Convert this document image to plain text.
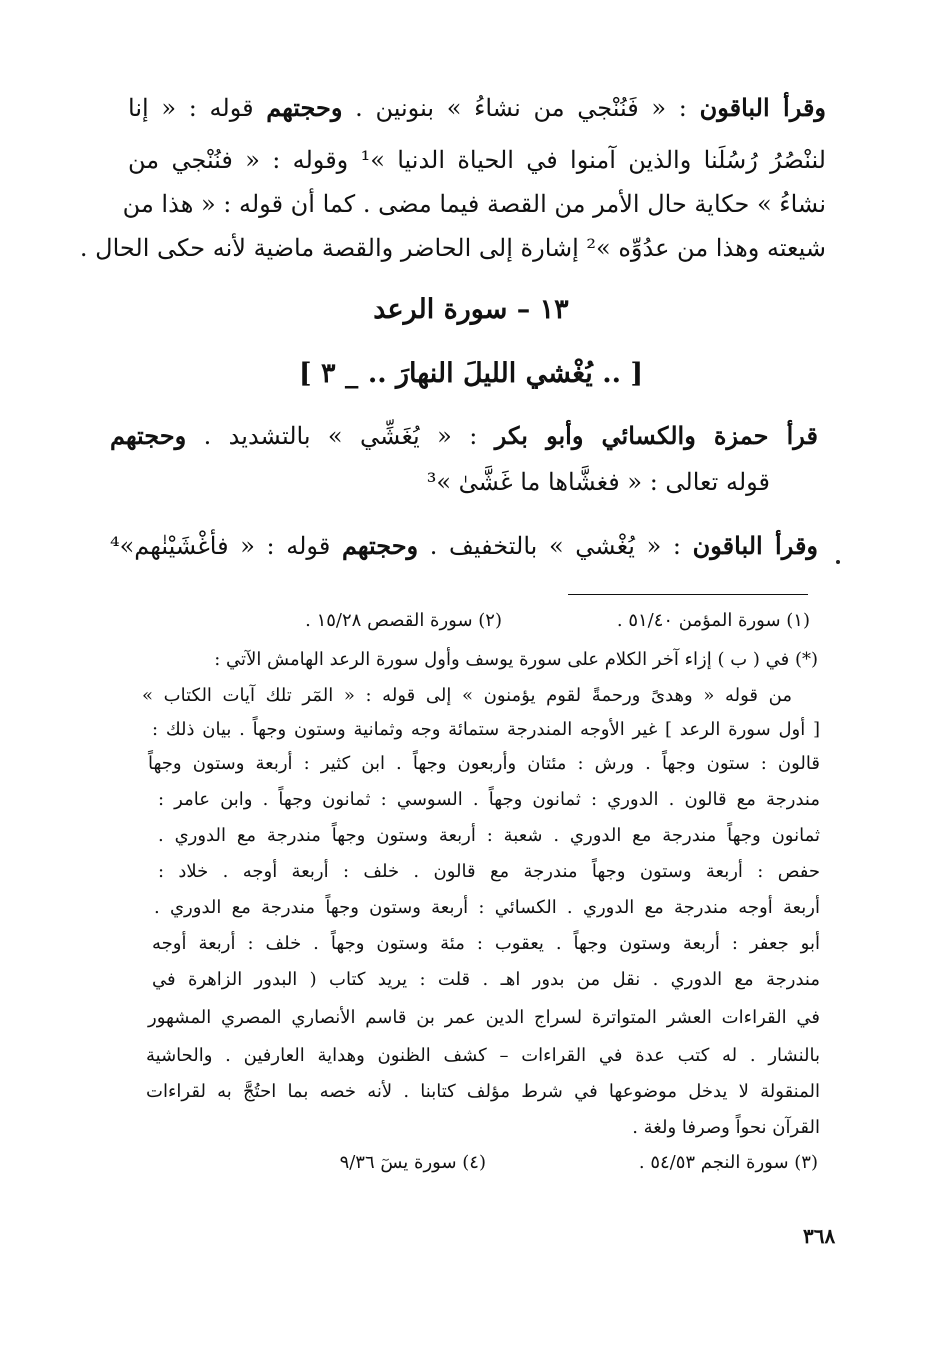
وقرأ الباقون : « فَنُنْجي من نشاءُ » بنونين . وحجتهم قوله : « إنا
لننْصُرُ رُسُلَنا والذين آمنوا في الحياة الدنيا »¹ وقوله : « فنُنْجي من
نشاءُ » حكاية حال الأمر من القصة فيما مضى . كما أن قوله : « هذا من
شيعته وهذا من عدُوِّه »² إشارة إلى الحاضر والقصة ماضية لأنه حكى الحال .
١٣ – سورة الرعد
[ .. يُغْشي الليلَ النهارَ .. _ ٣ ]
قرأ حمزة والكسائي وأبو بكر : « يُغَشِّي » بالتشديد . وحجتهم
قوله تعالى : « فغشَّاها ما غَشَّىٰ »³
وقرأ الباقون : « يُغْشي » بالتخفيف . وحجتهم قوله : « فأغْشَيْنٰهم»⁴
(١) سورة المؤمن ٥١/٤٠ .
(٢) سورة القصص ١٥/٢٨ .
(*) في ( ب ) إزاء آخر الكلام على سورة يوسف وأول سورة الرعد الهامش الآتي :
من قوله « وهدىً ورحمةً لقوم يؤمنون » إلى قوله : « المٓر تلك آيات الكتاب »
[ أول سورة الرعد ] غير الأوجه المندرجة ستمائة وجه وثمانية وستون وجهاً . بيان ذلك :
قالون : ستون وجهاً . ورش : مئتان وأربعون وجهاً . ابن كثير : أربعة وستون وجهاً
مندرجة مع قالون . الدوري : ثمانون وجهاً . السوسي : ثمانون وجهاً . وابن عامر :
ثمانون وجهاً مندرجة مع الدوري . شعبة : أربعة وستون وجهاً مندرجة مع الدوري .
حفص : أربعة وستون وجهاً مندرجة مع قالون . خلف : أربعة أوجه . خلاد :
أربعة أوجه مندرجة مع الدوري . الكسائي : أربعة وستون وجهاً مندرجة مع الدوري .
أبو جعفر : أربعة وستون وجهاً . يعقوب : مئة وستون وجهاً . خلف : أربعة أوجه
مندرجة مع الدوري . نقل من بدور اهـ . قلت : يريد كتاب ( البدور الزاهرة في
في القراءات العشر المتواترة لسراج الدين عمر بن قاسم الأنصاري المصري المشهور
بالنشار . له كتب عدة في القراءات – كشف الظنون وهداية العارفين . والحاشية
المنقولة لا يدخل موضوعها في شرط مؤلف كتابنا . لأنه خصه بما احتُجَّ به لقراءات
القرآن نحواً وصرفا ولغة .
(٣) سورة النجم ٥٤/٥٣ .
(٤) سورة يسٓ ٩/٣٦
٣٦٨
